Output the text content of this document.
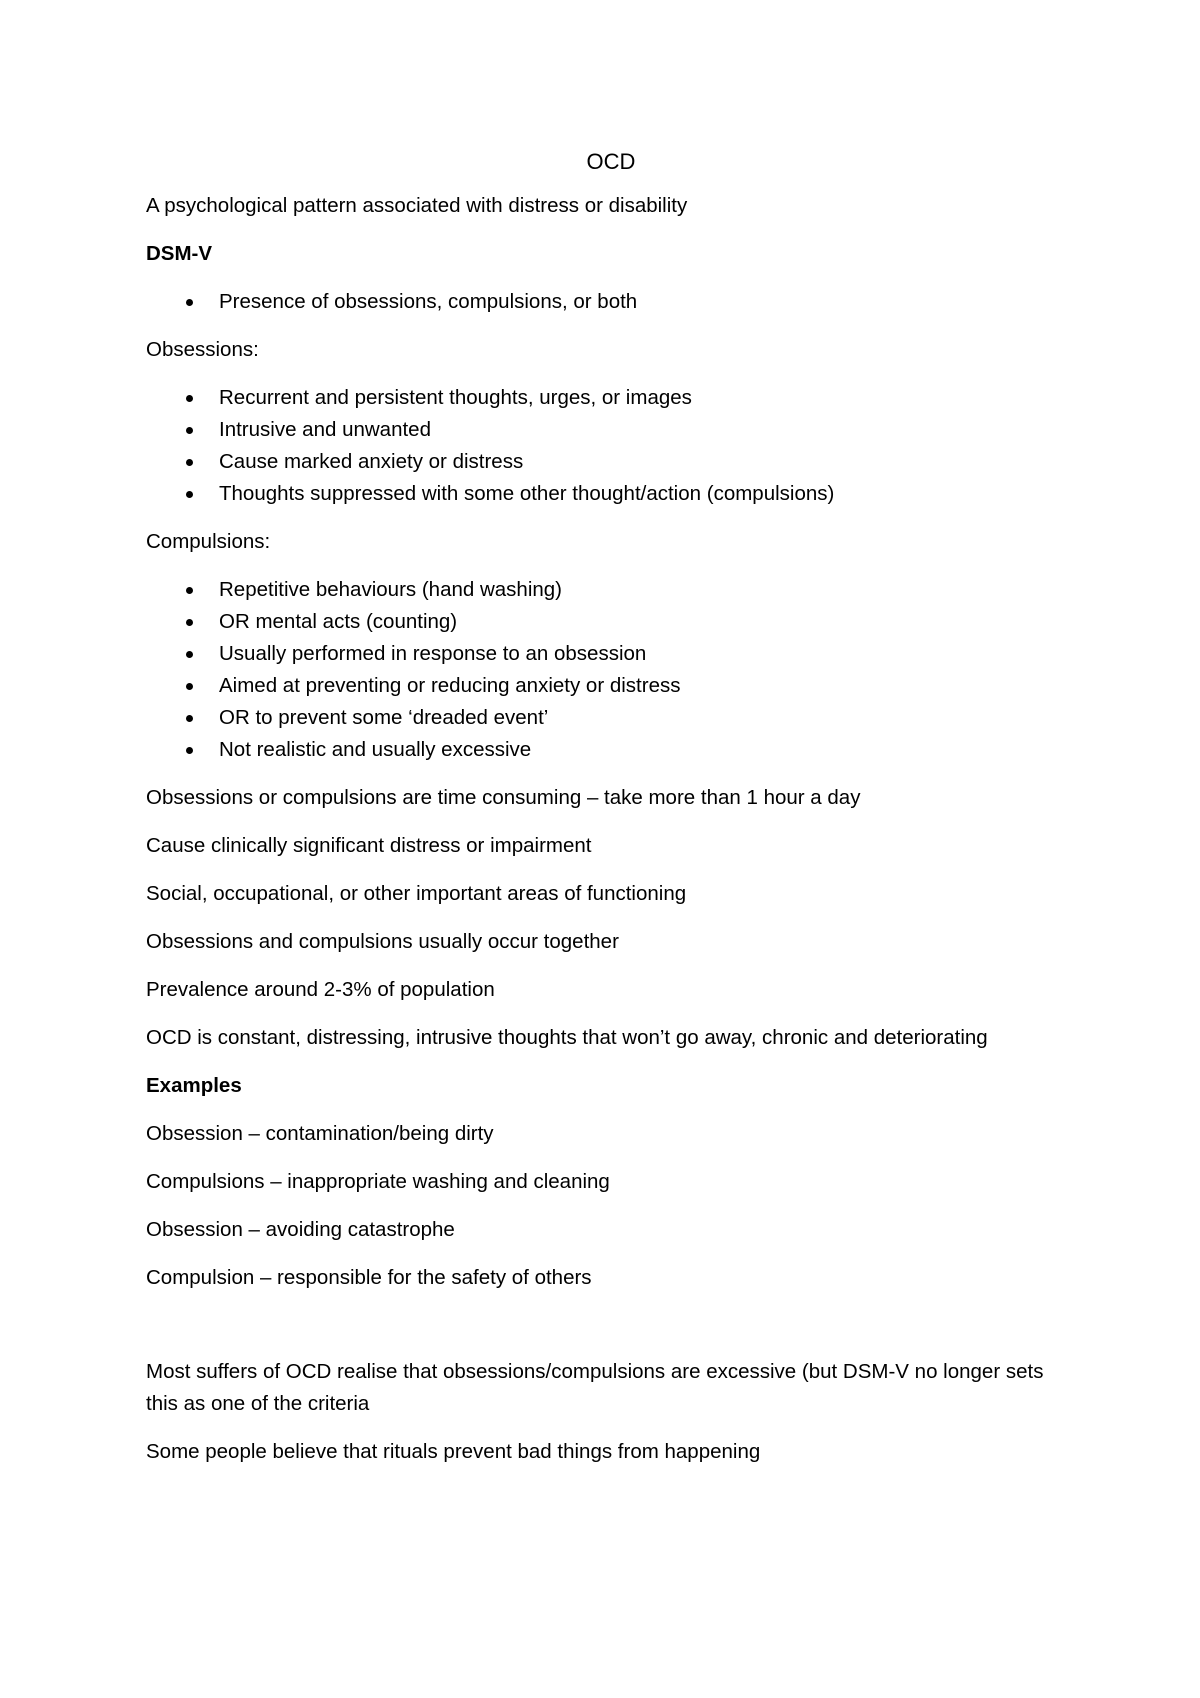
OCD

A psychological pattern associated with distress or disability

DSM-V

Presence of obsessions, compulsions, or both

Obsessions:

Recurrent and persistent thoughts, urges, or images
Intrusive and unwanted
Cause marked anxiety or distress
Thoughts suppressed with some other thought/action (compulsions)

Compulsions:

Repetitive behaviours (hand washing)
OR mental acts (counting)
Usually performed in response to an obsession
Aimed at preventing or reducing anxiety or distress
OR to prevent some ‘dreaded event’
Not realistic and usually excessive

Obsessions or compulsions are time consuming – take more than 1 hour a day

Cause clinically significant distress or impairment

Social, occupational, or other important areas of functioning

Obsessions and compulsions usually occur together

Prevalence around 2-3% of population

OCD is constant, distressing, intrusive thoughts that won’t go away, chronic and deteriorating

Examples

Obsession – contamination/being dirty

Compulsions – inappropriate washing and cleaning

Obsession – avoiding catastrophe

Compulsion – responsible for the safety of others

Most suffers of OCD realise that obsessions/compulsions are excessive (but DSM-V no longer sets this as one of the criteria

Some people believe that rituals prevent bad things from happening
